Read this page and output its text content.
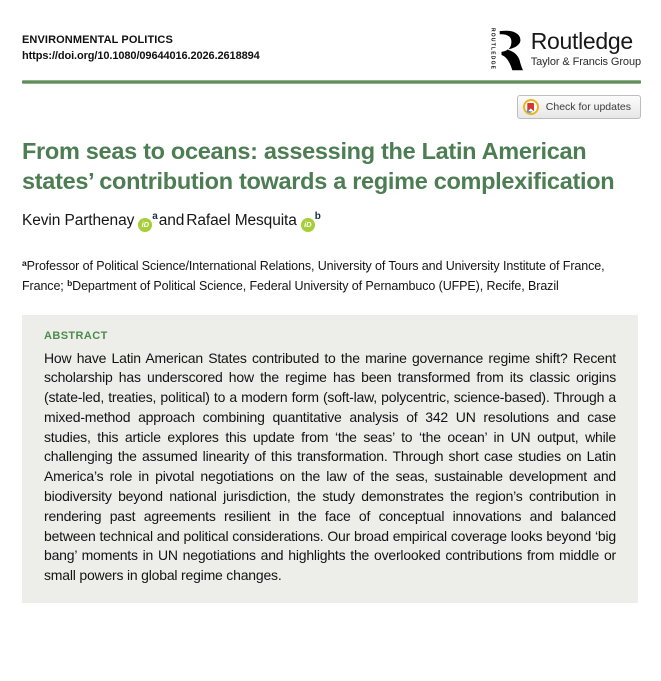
ENVIRONMENTAL POLITICS
https://doi.org/10.1080/09644016.2026.2618894	ROUTLEDGE Routledge
Taylor & Francis Group
Check for updates
From seas to oceans: assessing the Latin American states’ contribution towards a regime complexification
Kevin Parthenay $iD^aand$ Rafael Mesquita $iD^b$
$^a$Professor of Political Science/International Relations, University of Tours and University Institute of France, France; $^b$Department of Political Science, Federal University of Pernambuco (UFPE), Recife, Brazil
ABSTRACT
How have Latin American States contributed to the marine governance regime shift? Recent scholarship has underscored how the regime has been transformed from its classic origins (state-led, treaties, political) to a modern form (soft-law, polycentric, science-based). Through a mixed-method approach combining quantitative analysis of 342 UN resolutions and case studies, this article explores this update from ‘the seas’ to ‘the ocean’ in UN output, while challenging the assumed linearity of this transformation. Through short case studies on Latin America’s role in pivotal negotiations on the law of the seas, sustainable development and biodiversity beyond national jurisdiction, the study demonstrates the region’s contribution in rendering past agreements resilient in the face of conceptual innovations and balanced between technical and political considerations. Our broad empirical coverage looks beyond ‘big bang’ moments in UN negotiations and highlights the overlooked contributions from middle or small powers in global regime changes.
